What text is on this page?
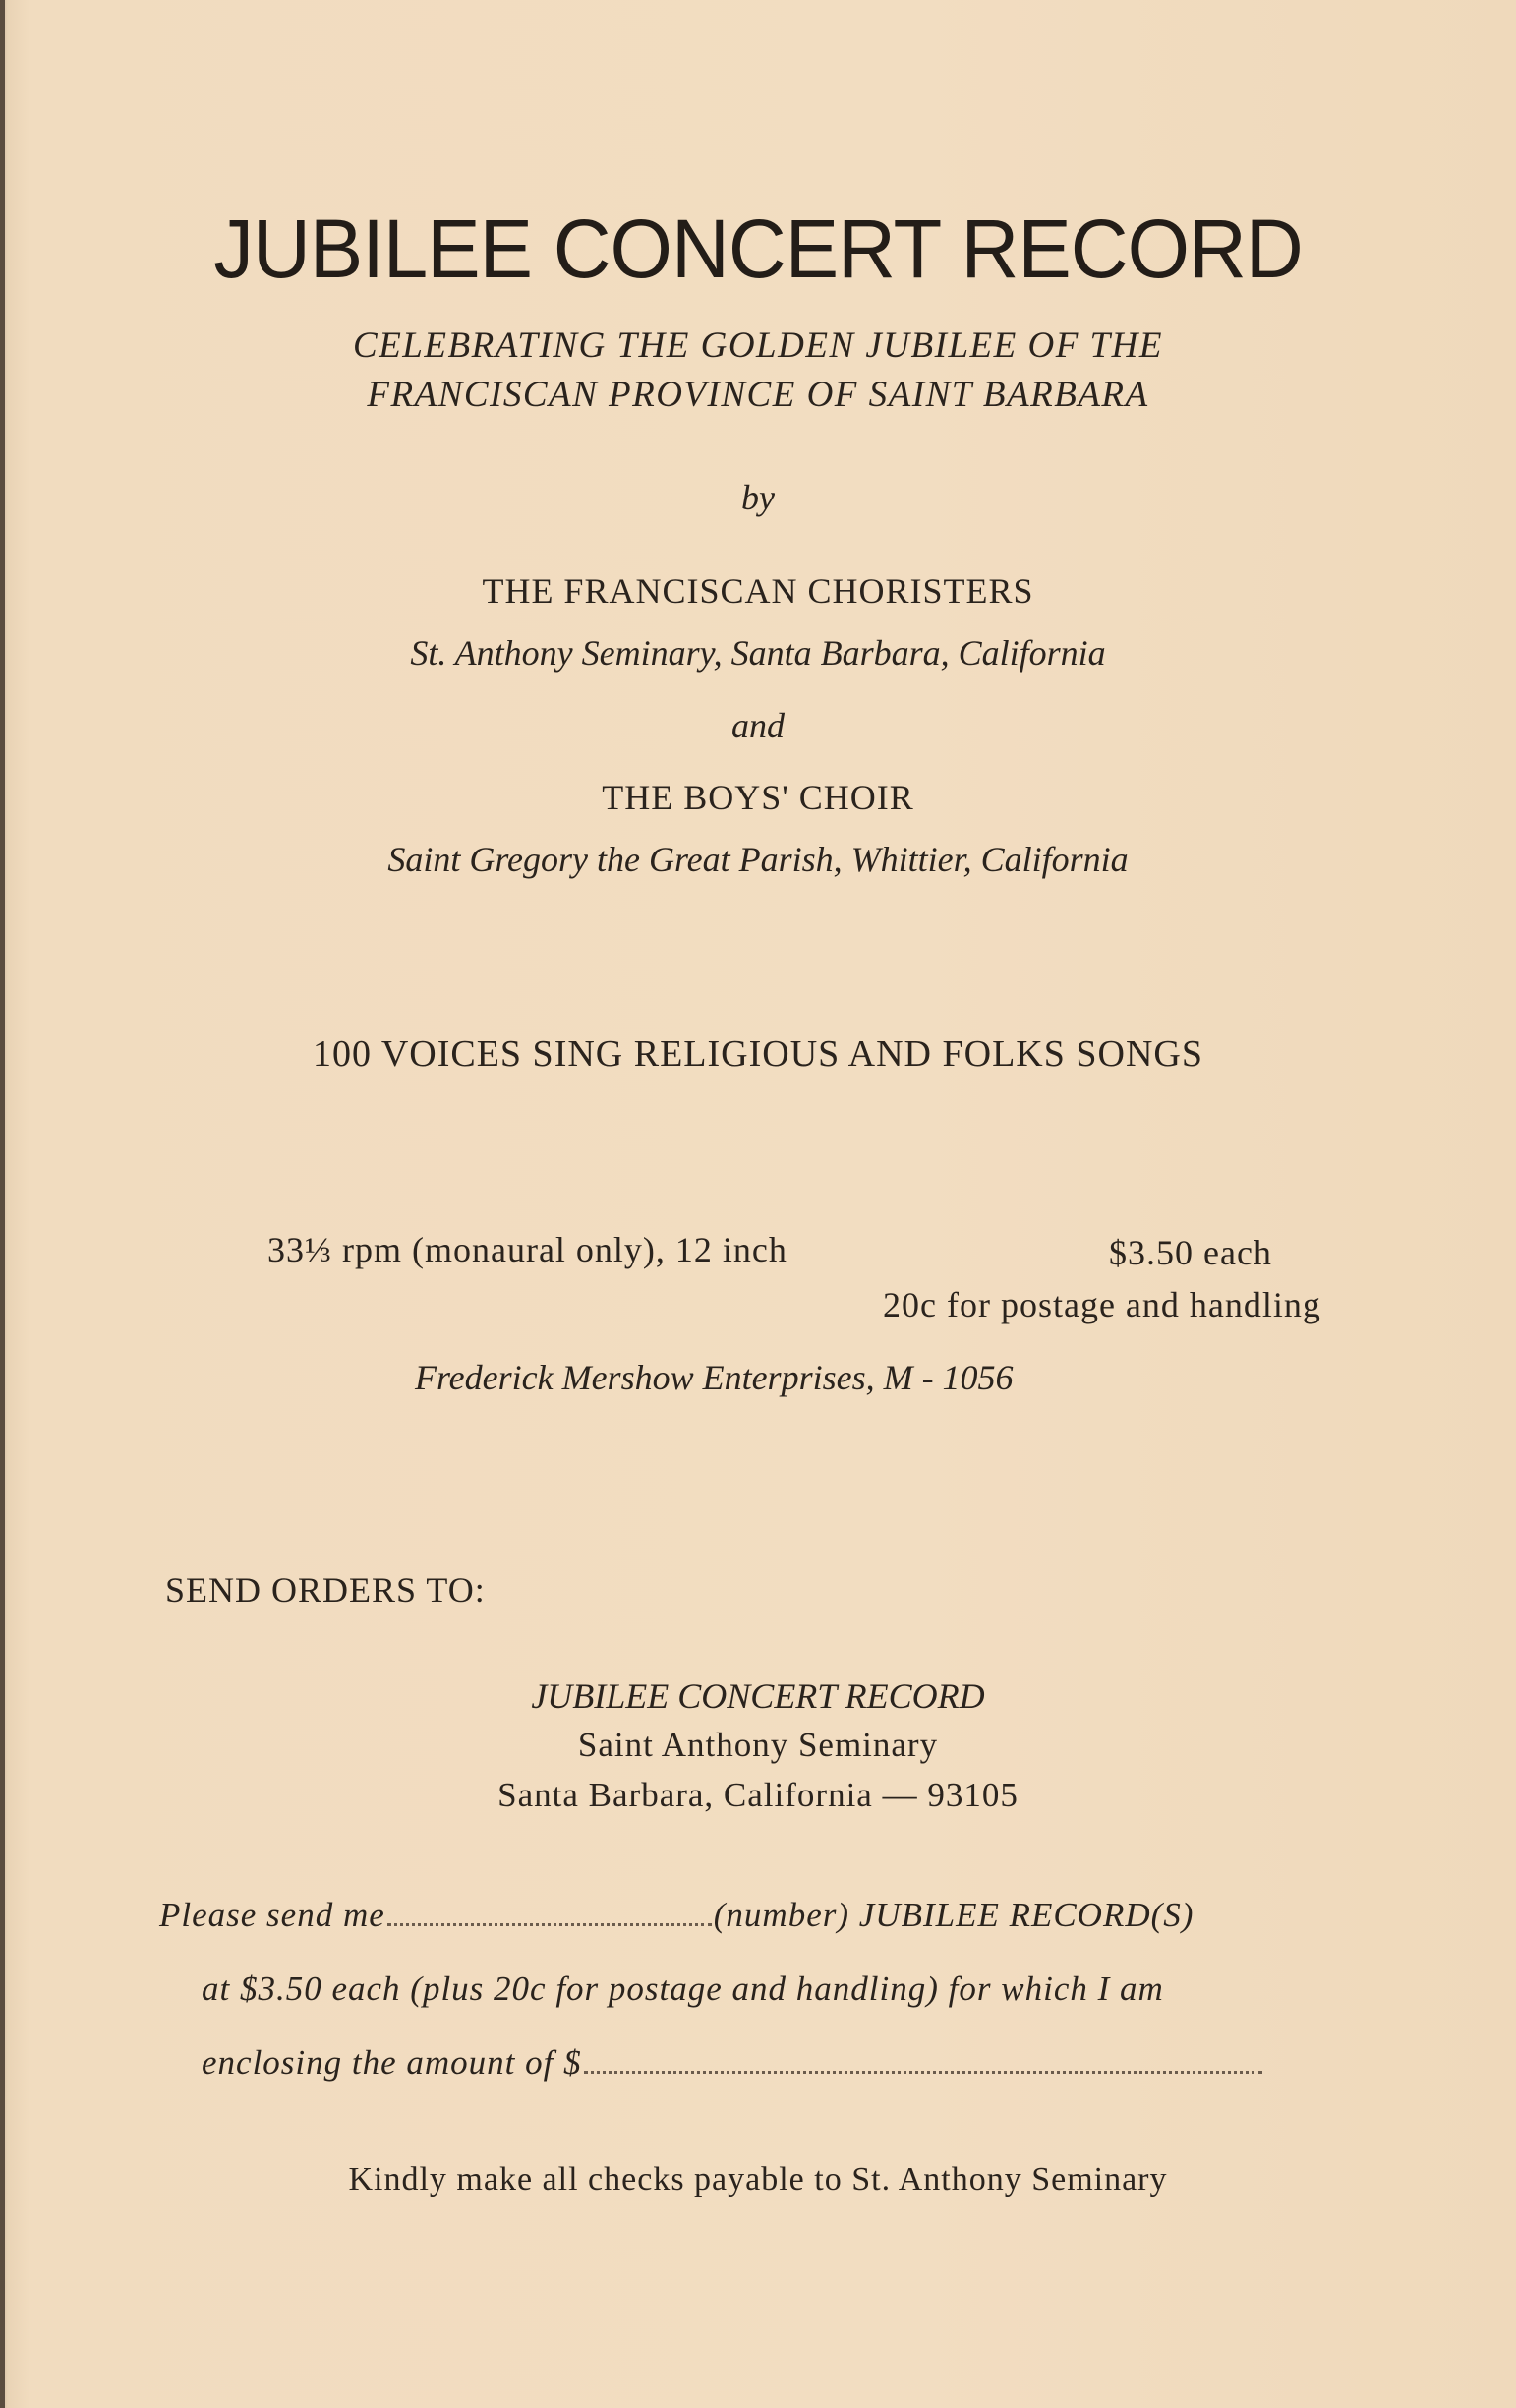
JUBILEE CONCERT RECORD
CELEBRATING THE GOLDEN JUBILEE OF THE
FRANCISCAN PROVINCE OF SAINT BARBARA
by
THE FRANCISCAN CHORISTERS
St. Anthony Seminary, Santa Barbara, California
and
THE BOYS' CHOIR
Saint Gregory the Great Parish, Whittier, California
100 VOICES SING RELIGIOUS AND FOLKS SONGS
33⅓ rpm (monaural only), 12 inch	$3.50 each
20c for postage and handling
Frederick Mershow Enterprises, M - 1056
SEND ORDERS TO:
JUBILEE CONCERT RECORD
Saint Anthony Seminary
Santa Barbara, California — 93105
Please send me	(number) JUBILEE RECORD(S)
at $3.50 each (plus 20c for postage and handling) for which I am
enclosing the amount of $
Kindly make all checks payable to St. Anthony Seminary
